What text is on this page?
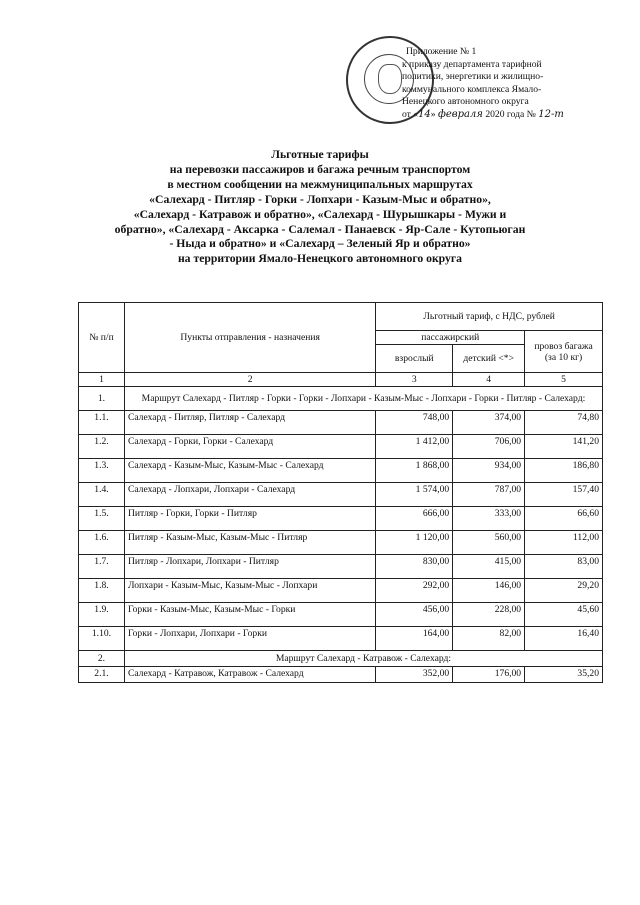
Приложение № 1
к приказу департамента тарифной
политики, энергетики и жилищно-
коммунального комплекса Ямало-
Ненецкого автономного округа
от «14» февраля 2020 года № 12-т
Льготные тарифы
на перевозки пассажиров и багажа речным транспортом
в местном сообщении на межмуниципальных маршрутах
«Салехард - Питляр - Горки - Лопхари - Казым-Мыс и обратно»,
«Салехард - Катравож и обратно», «Салехард - Шурышкары - Мужи и
обратно», «Салехард - Аксарка - Салемал - Панаевск - Яр-Сале - Кутопьюган
- Ныда и обратно» и «Салехард – Зеленый Яр и обратно»
на территории Ямало-Ненецкого автономного округа
№ п/п	Пункты отправления - назначения	Льготный тариф, с НДС, рублей		
		пассажирский		провоз багажа (за 10 кг)
		взрослый	детский <*>	
1	2	3	4	5
1.	Маршрут Салехард - Питляр - Горки - Горки - Лопхари - Казым-Мыс - Лопхари - Горки - Питляр - Салехард:			
1.1.	Салехард - Питляр, Питляр - Салехард	748,00	374,00	74,80
1.2.	Салехард - Горки, Горки - Салехард	1 412,00	706,00	141,20
1.3.	Салехард - Казым-Мыс, Казым-Мыс - Салехард	1 868,00	934,00	186,80
1.4.	Салехард - Лопхари, Лопхари - Салехард	1 574,00	787,00	157,40
1.5.	Питляр - Горки, Горки - Питляр	666,00	333,00	66,60
1.6.	Питляр - Казым-Мыс, Казым-Мыс - Питляр	1 120,00	560,00	112,00
1.7.	Питляр - Лопхари, Лопхари - Питляр	830,00	415,00	83,00
1.8.	Лопхари - Казым-Мыс, Казым-Мыс - Лопхари	292,00	146,00	29,20
1.9.	Горки - Казым-Мыс, Казым-Мыс - Горки	456,00	228,00	45,60
1.10.	Горки - Лопхари, Лопхари - Горки	164,00	82,00	16,40
2.	Маршрут Салехард - Катравож - Салехард:			
2.1.	Салехард - Катравож, Катравож - Салехард	352,00	176,00	35,20
